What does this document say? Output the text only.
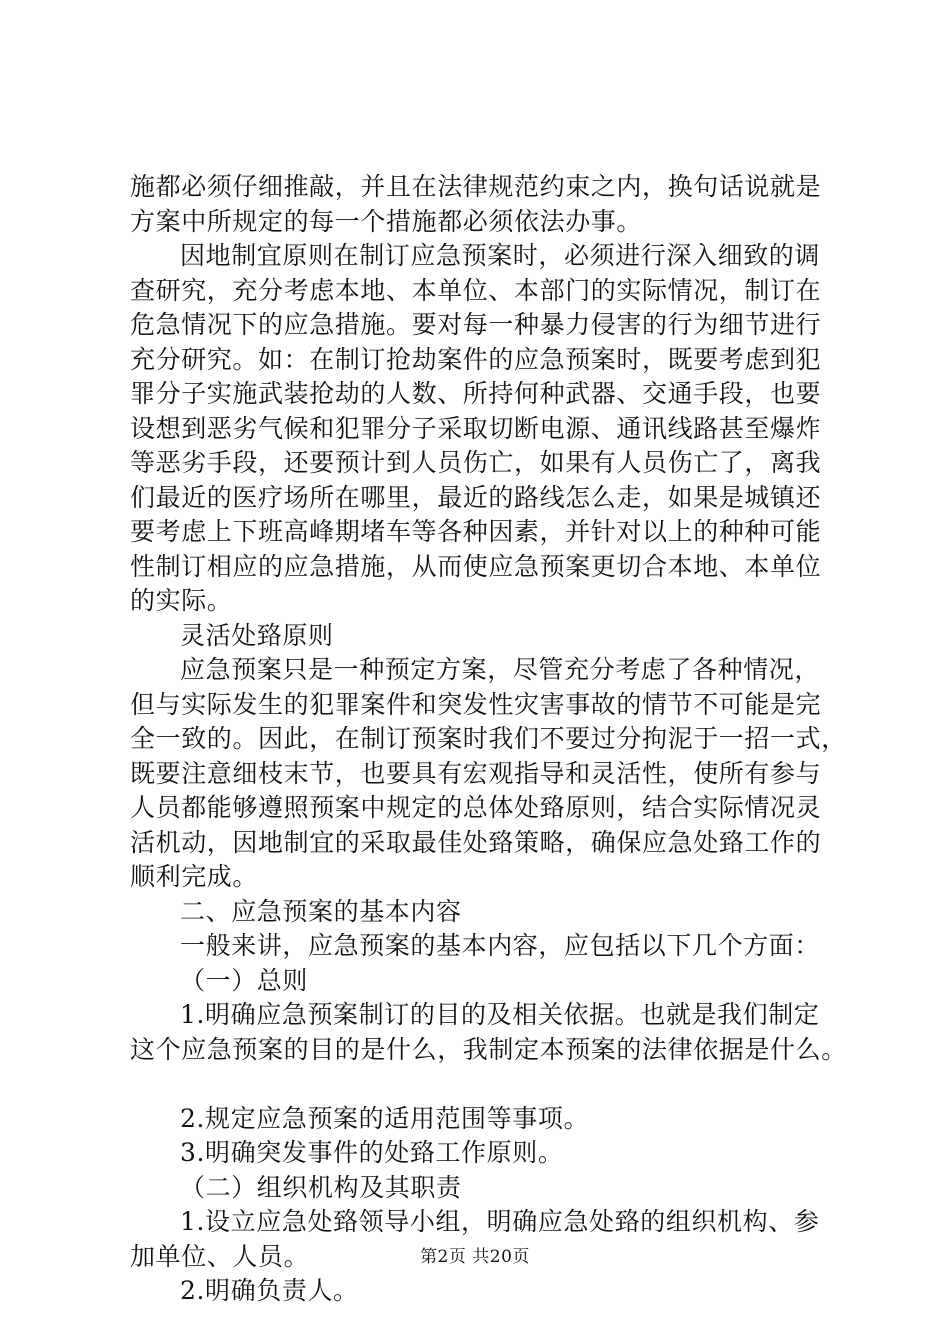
施都必须仔细推敲，并且在法律规范约束之内，换句话说就是
方案中所规定的每一个措施都必须依法办事。
因地制宜原则在制订应急预案时，必须进行深入细致的调
查研究，充分考虑本地、本单位、本部门的实际情况，制订在
危急情况下的应急措施。要对每一种暴力侵害的行为细节进行
充分研究。如：在制订抢劫案件的应急预案时，既要考虑到犯
罪分子实施武装抢劫的人数、所持何种武器、交通手段，也要
设想到恶劣气候和犯罪分子采取切断电源、通讯线路甚至爆炸
等恶劣手段，还要预计到人员伤亡，如果有人员伤亡了，离我
们最近的医疗场所在哪里，最近的路线怎么走，如果是城镇还
要考虑上下班高峰期堵车等各种因素，并针对以上的种种可能
性制订相应的应急措施，从而使应急预案更切合本地、本单位
的实际。
灵活处臵原则
应急预案只是一种预定方案，尽管充分考虑了各种情况，
但与实际发生的犯罪案件和突发性灾害事故的情节不可能是完
全一致的。因此，在制订预案时我们不要过分拘泥于一招一式，
既要注意细枝末节，也要具有宏观指导和灵活性，使所有参与
人员都能够遵照预案中规定的总体处臵原则，结合实际情况灵
活机动，因地制宜的采取最佳处臵策略，确保应急处臵工作的
顺利完成。
二、应急预案的基本内容
一般来讲，应急预案的基本内容，应包括以下几个方面：
（一）总则
1.明确应急预案制订的目的及相关依据。也就是我们制定
这个应急预案的目的是什么，我制定本预案的法律依据是什么。
2.规定应急预案的适用范围等事项。
3.明确突发事件的处臵工作原则。
（二）组织机构及其职责
1.设立应急处臵领导小组，明确应急处臵的组织机构、参
加单位、人员。
2.明确负责人。
第2页 共20页
